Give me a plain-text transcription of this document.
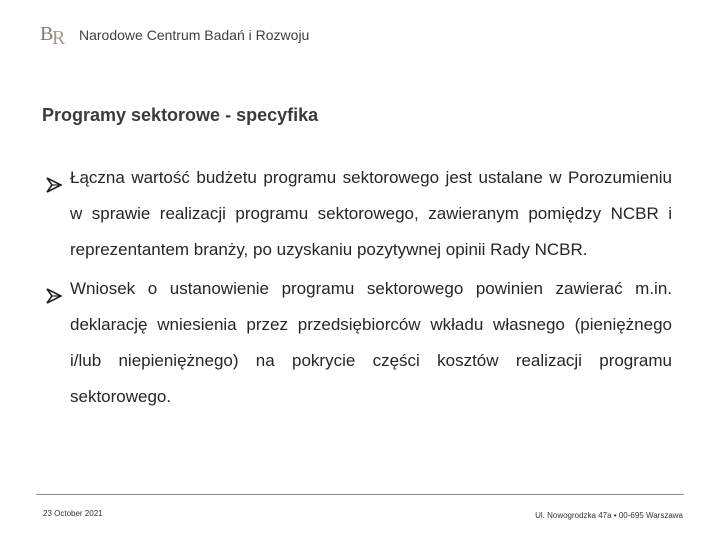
B
R Narodowe Centrum Badań i Rozwoju
Programy sektorowe - specyfika
Łączna wartość budżetu programu sektorowego jest ustalane w Porozumieniu w sprawie realizacji programu sektorowego, zawieranym pomiędzy NCBR i reprezentantem branży, po uzyskaniu pozytywnej opinii Rady NCBR.
Wniosek o ustanowienie programu sektorowego powinien zawierać m.in. deklarację wniesienia przez przedsiębiorców wkładu własnego (pieniężnego i/lub niepieniężnego) na pokrycie części kosztów realizacji programu sektorowego.
23 October 2021	Ul. Nowogrodzka 47a • 00-695 Warszawa
